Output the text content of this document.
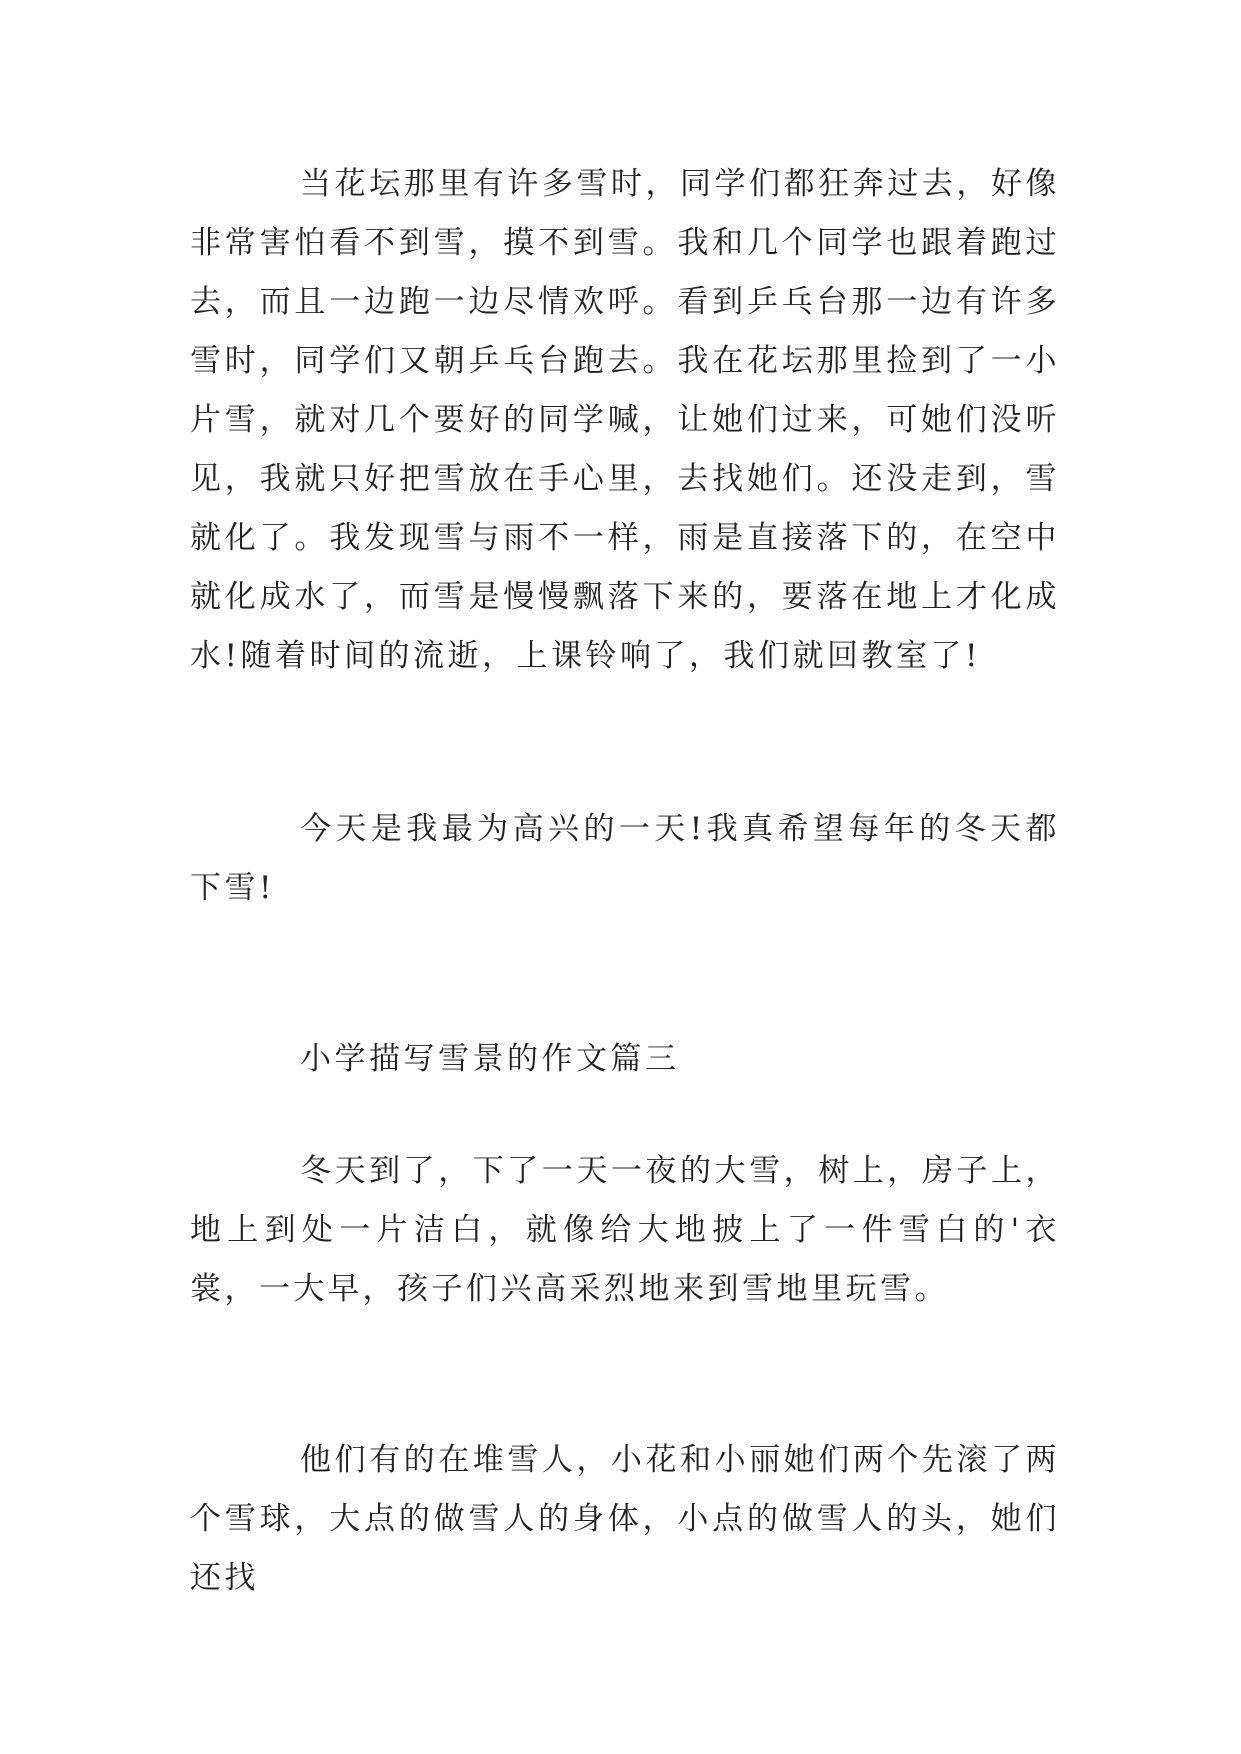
当花坛那里有许多雪时，同学们都狂奔过去，好像非常害怕看不到雪，摸不到雪。我和几个同学也跟着跑过去，而且一边跑一边尽情欢呼。看到乒乓台那一边有许多雪时，同学们又朝乒乓台跑去。我在花坛那里捡到了一小片雪，就对几个要好的同学喊，让她们过来，可她们没听见，我就只好把雪放在手心里，去找她们。还没走到，雪就化了。我发现雪与雨不一样，雨是直接落下的，在空中就化成水了，而雪是慢慢飘落下来的，要落在地上才化成水!随着时间的流逝，上课铃响了，我们就回教室了!

今天是我最为高兴的一天!我真希望每年的冬天都下雪!

小学描写雪景的作文篇三

冬天到了，下了一天一夜的大雪，树上，房子上，地上到处一片洁白，就像给大地披上了一件雪白的'衣裳，一大早，孩子们兴高采烈地来到雪地里玩雪。

他们有的在堆雪人，小花和小丽她们两个先滚了两个雪球，大点的做雪人的身体，小点的做雪人的头，她们还找
